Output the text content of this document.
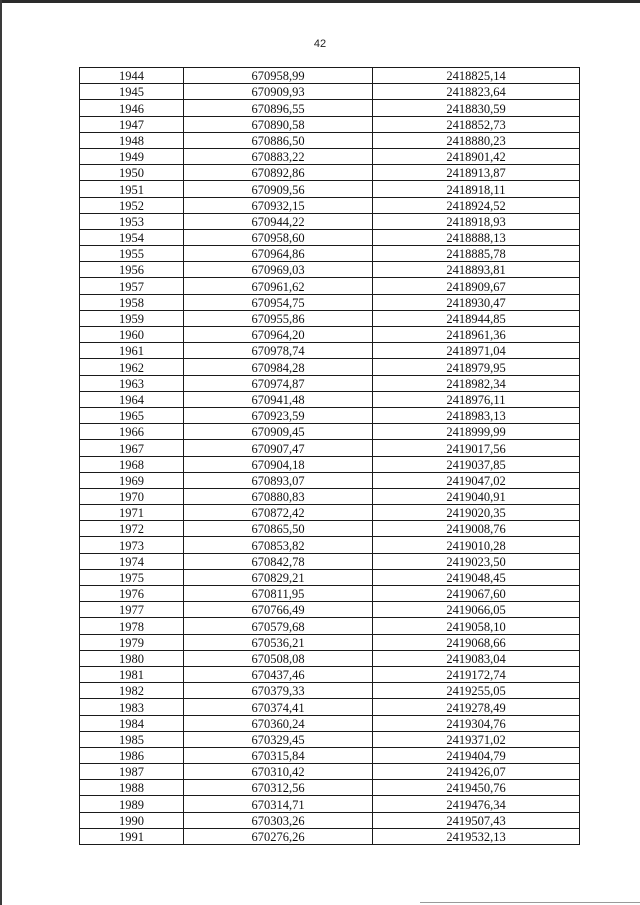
42
1944	670958,99	2418825,14
1945	670909,93	2418823,64
1946	670896,55	2418830,59
1947	670890,58	2418852,73
1948	670886,50	2418880,23
1949	670883,22	2418901,42
1950	670892,86	2418913,87
1951	670909,56	2418918,11
1952	670932,15	2418924,52
1953	670944,22	2418918,93
1954	670958,60	2418888,13
1955	670964,86	2418885,78
1956	670969,03	2418893,81
1957	670961,62	2418909,67
1958	670954,75	2418930,47
1959	670955,86	2418944,85
1960	670964,20	2418961,36
1961	670978,74	2418971,04
1962	670984,28	2418979,95
1963	670974,87	2418982,34
1964	670941,48	2418976,11
1965	670923,59	2418983,13
1966	670909,45	2418999,99
1967	670907,47	2419017,56
1968	670904,18	2419037,85
1969	670893,07	2419047,02
1970	670880,83	2419040,91
1971	670872,42	2419020,35
1972	670865,50	2419008,76
1973	670853,82	2419010,28
1974	670842,78	2419023,50
1975	670829,21	2419048,45
1976	670811,95	2419067,60
1977	670766,49	2419066,05
1978	670579,68	2419058,10
1979	670536,21	2419068,66
1980	670508,08	2419083,04
1981	670437,46	2419172,74
1982	670379,33	2419255,05
1983	670374,41	2419278,49
1984	670360,24	2419304,76
1985	670329,45	2419371,02
1986	670315,84	2419404,79
1987	670310,42	2419426,07
1988	670312,56	2419450,76
1989	670314,71	2419476,34
1990	670303,26	2419507,43
1991	670276,26	2419532,13
